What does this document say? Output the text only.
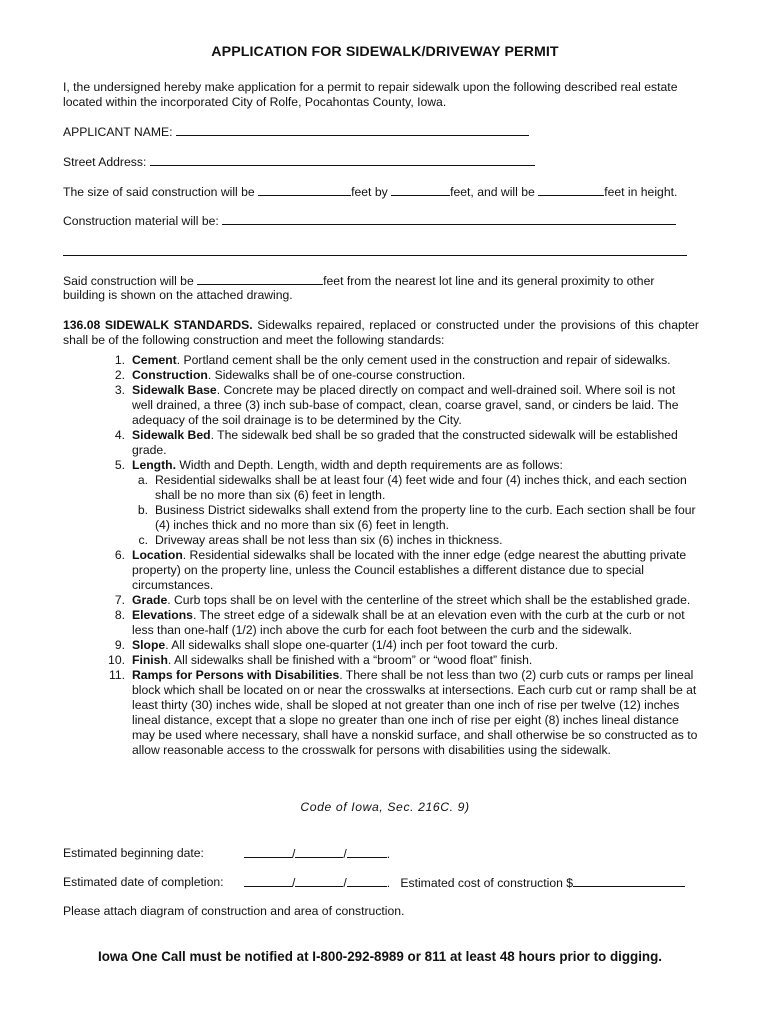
APPLICATION FOR SIDEWALK/DRIVEWAY PERMIT
I, the undersigned hereby make application for a permit to repair sidewalk upon the following described real estate located within the incorporated City of Rolfe, Pocahontas County, Iowa.
APPLICANT NAME:
Street Address:
The size of said construction will be	feet by	feet, and will be	feet in height.
Construction material will be:
Said construction will be	feet from the nearest lot line and its general proximity to other
building is shown on the attached drawing.
136.08 SIDEWALK STANDARDS. Sidewalks repaired, replaced or constructed under the provisions of this chapter shall be of the following construction and meet the following standards:
1. Cement. Portland cement shall be the only cement used in the construction and repair of sidewalks.
2. Construction. Sidewalks shall be of one-course construction.
3. Sidewalk Base. Concrete may be placed directly on compact and well-drained soil. Where soil is not well drained, a three (3) inch sub-base of compact, clean, coarse gravel, sand, or cinders be laid. The adequacy of the soil drainage is to be determined by the City.
4. Sidewalk Bed. The sidewalk bed shall be so graded that the constructed sidewalk will be established grade.
5. Length. Width and Depth. Length, width and depth requirements are as follows:
a. Residential sidewalks shall be at least four (4) feet wide and four (4) inches thick, and each section shall be no more than six (6) feet in length.
b. Business District sidewalks shall extend from the property line to the curb. Each section shall be four (4) inches thick and no more than six (6) feet in length.
c. Driveway areas shall be not less than six (6) inches in thickness.
6. Location. Residential sidewalks shall be located with the inner edge (edge nearest the abutting private property) on the property line, unless the Council establishes a different distance due to special circumstances.
7. Grade. Curb tops shall be on level with the centerline of the street which shall be the established grade.
8. Elevations. The street edge of a sidewalk shall be at an elevation even with the curb at the curb or not less than one-half (1/2) inch above the curb for each foot between the curb and the sidewalk.
9. Slope. All sidewalks shall slope one-quarter (1/4) inch per foot toward the curb.
10. Finish. All sidewalks shall be finished with a “broom” or “wood float” finish.
11. Ramps for Persons with Disabilities. There shall be not less than two (2) curb cuts or ramps per lineal block which shall be located on or near the crosswalks at intersections. Each curb cut or ramp shall be at least thirty (30) inches wide, shall be sloped at not greater than one inch of rise per twelve (12) inches lineal distance, except that a slope no greater than one inch of rise per eight (8) inches lineal distance may be used where necessary, shall have a nonskid surface, and shall otherwise be so constructed as to allow reasonable access to the crosswalk for persons with disabilities using the sidewalk.
Code of Iowa, Sec. 216C. 9)
Estimated beginning date:	/	/	.
Estimated date of completion:	/	/	. Estimated cost of construction $
Please attach diagram of construction and area of construction.
Iowa One Call must be notified at I-800-292-8989 or 811 at least 48 hours prior to digging.
